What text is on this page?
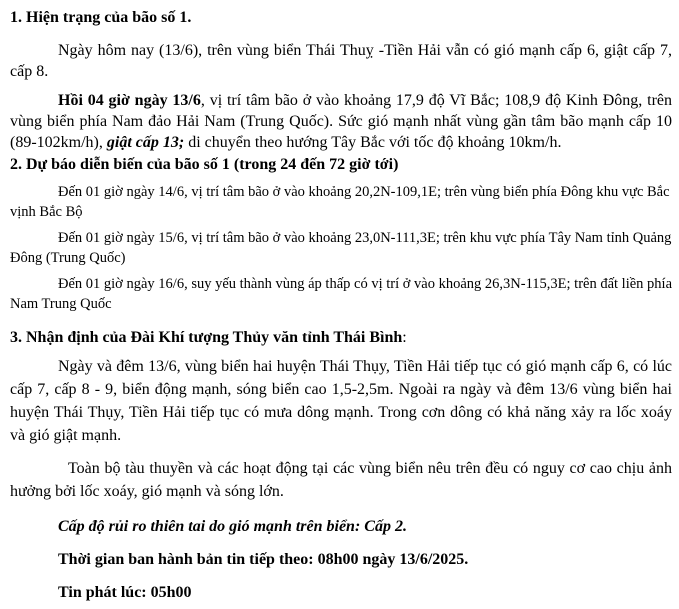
1. Hiện trạng của bão số 1.

Ngày hôm nay (13/6), trên vùng biển Thái Thuỵ -Tiền Hải vẫn có gió mạnh cấp 6, giật cấp 7, cấp 8.

Hồi 04 giờ ngày 13/6, vị trí tâm bão ở vào khoảng 17,9 độ Vĩ Bắc; 108,9 độ Kinh Đông, trên vùng biển phía Nam đảo Hải Nam (Trung Quốc). Sức gió mạnh nhất vùng gần tâm bão mạnh cấp 10 (89-102km/h), giật cấp 13; di chuyển theo hướng Tây Bắc với tốc độ khoảng 10km/h.

2. Dự báo diễn biến của bão số 1 (trong 24 đến 72 giờ tới)

Đến 01 giờ ngày 14/6, vị trí tâm bão ở vào khoảng 20,2N-109,1E; trên vùng biển phía Đông khu vực Bắc vịnh Bắc Bộ

Đến 01 giờ ngày 15/6, vị trí tâm bão ở vào khoảng 23,0N-111,3E; trên khu vực phía Tây Nam tỉnh Quảng Đông (Trung Quốc)

Đến 01 giờ ngày 16/6, suy yếu thành vùng áp thấp có vị trí ở vào khoảng 26,3N-115,3E; trên đất liền phía Nam Trung Quốc

3. Nhận định của Đài Khí tượng Thủy văn tỉnh Thái Bình:

Ngày và đêm 13/6, vùng biển hai huyện Thái Thụy, Tiền Hải tiếp tục có gió mạnh cấp 6, có lúc cấp 7, cấp 8 - 9, biển động mạnh, sóng biển cao 1,5-2,5m. Ngoài ra ngày và đêm 13/6 vùng biển hai huyện Thái Thụy, Tiền Hải tiếp tục có mưa dông mạnh. Trong cơn dông có khả năng xảy ra lốc xoáy và gió giật mạnh.

Toàn bộ tàu thuyền và các hoạt động tại các vùng biển nêu trên đều có nguy cơ cao chịu ảnh hưởng bởi lốc xoáy, gió mạnh và sóng lớn.

Cấp độ rủi ro thiên tai do gió mạnh trên biển: Cấp 2.

Thời gian ban hành bản tin tiếp theo: 08h00 ngày 13/6/2025.

Tin phát lúc: 05h00
